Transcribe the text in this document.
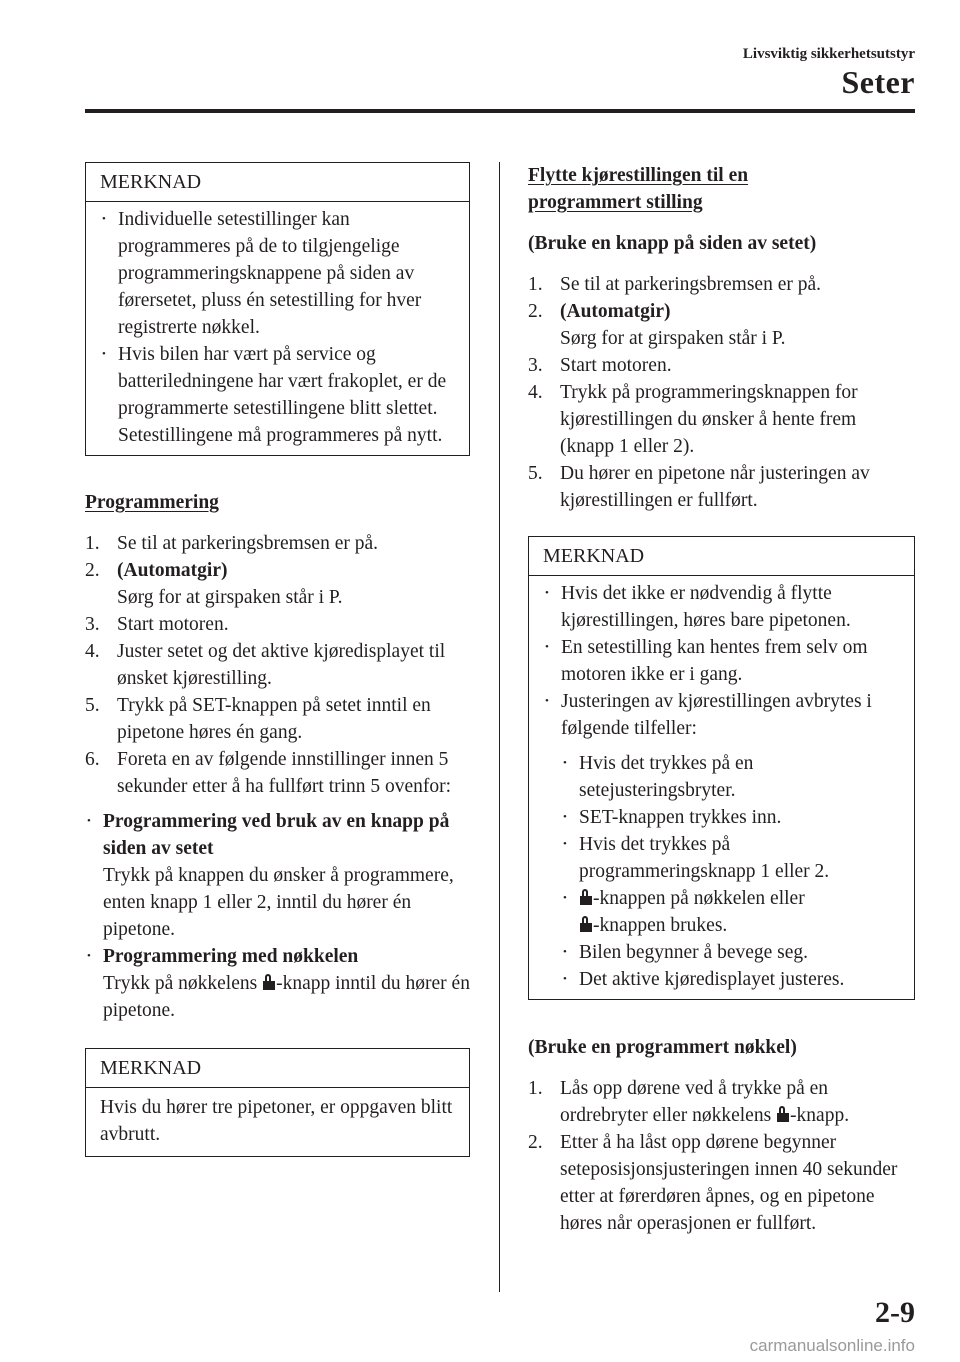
Livsviktig sikkerhetsutstyr
Seter
MERKNAD

• Individuelle setestillinger kan programmeres på de to tilgjengelige programmeringsknappene på siden av førersetet, pluss én setestilling for hver registrerte nøkkel.

• Hvis bilen har vært på service og batteriledningene har vært frakoplet, er de programmerte setestillingene blitt slettet. Setestillingene må programmeres på nytt.

Programmering

1. Se til at parkeringsbremsen er på.

2. (Automatgir)
Sørg for at girspaken står i P.

3. Start motoren.

4. Juster setet og det aktive kjøredisplayet til ønsket kjørestilling.

5. Trykk på SET-knappen på setet inntil en pipetone høres én gang.

6. Foreta en av følgende innstillinger innen 5 sekunder etter å ha fullført trinn 5 ovenfor:

• Programmering ved bruk av en knapp på siden av setet
Trykk på knappen du ønsker å programmere, enten knapp 1 eller 2, inntil du hører én pipetone.

• Programmering med nøkkelen
Trykk på nøkkelens
-knapp inntil du hører én pipetone.

MERKNAD

Hvis du hører tre pipetoner, er oppgaven blitt avbrutt.

Flytte kjørestillingen til en programmert stilling

(Bruke en knapp på siden av setet)

1. Se til at parkeringsbremsen er på.

2. (Automatgir)
Sørg for at girspaken står i P.

3. Start motoren.

4. Trykk på programmeringsknappen for kjørestillingen du ønsker å hente frem (knapp 1 eller 2).

5. Du hører en pipetone når justeringen av kjørestillingen er fullført.

MERKNAD

• Hvis det ikke er nødvendig å flytte kjørestillingen, høres bare pipetonen.

• En setestilling kan hentes frem selv om motoren ikke er i gang.

• Justeringen av kjørestillingen avbrytes i følgende tilfeller:

• Hvis det trykkes på en setejusteringsbryter.

• SET-knappen trykkes inn.

• Hvis det trykkes på programmeringsknapp 1 eller 2.

• -knappen på nøkkelen eller

-knappen brukes.

• Bilen begynner å bevege seg.

• Det aktive kjøredisplayet justeres.

(Bruke en programmert nøkkel)

1. Lås opp dørene ved å trykke på en ordrebryter eller nøkkelens
-knapp.

2. Etter å ha låst opp dørene begynner seteposisjonsjusteringen innen 40 sekunder etter at førerdøren åpnes, og en pipetone høres når operasjonen er fullført.

2-9
carmanualsonline.info
